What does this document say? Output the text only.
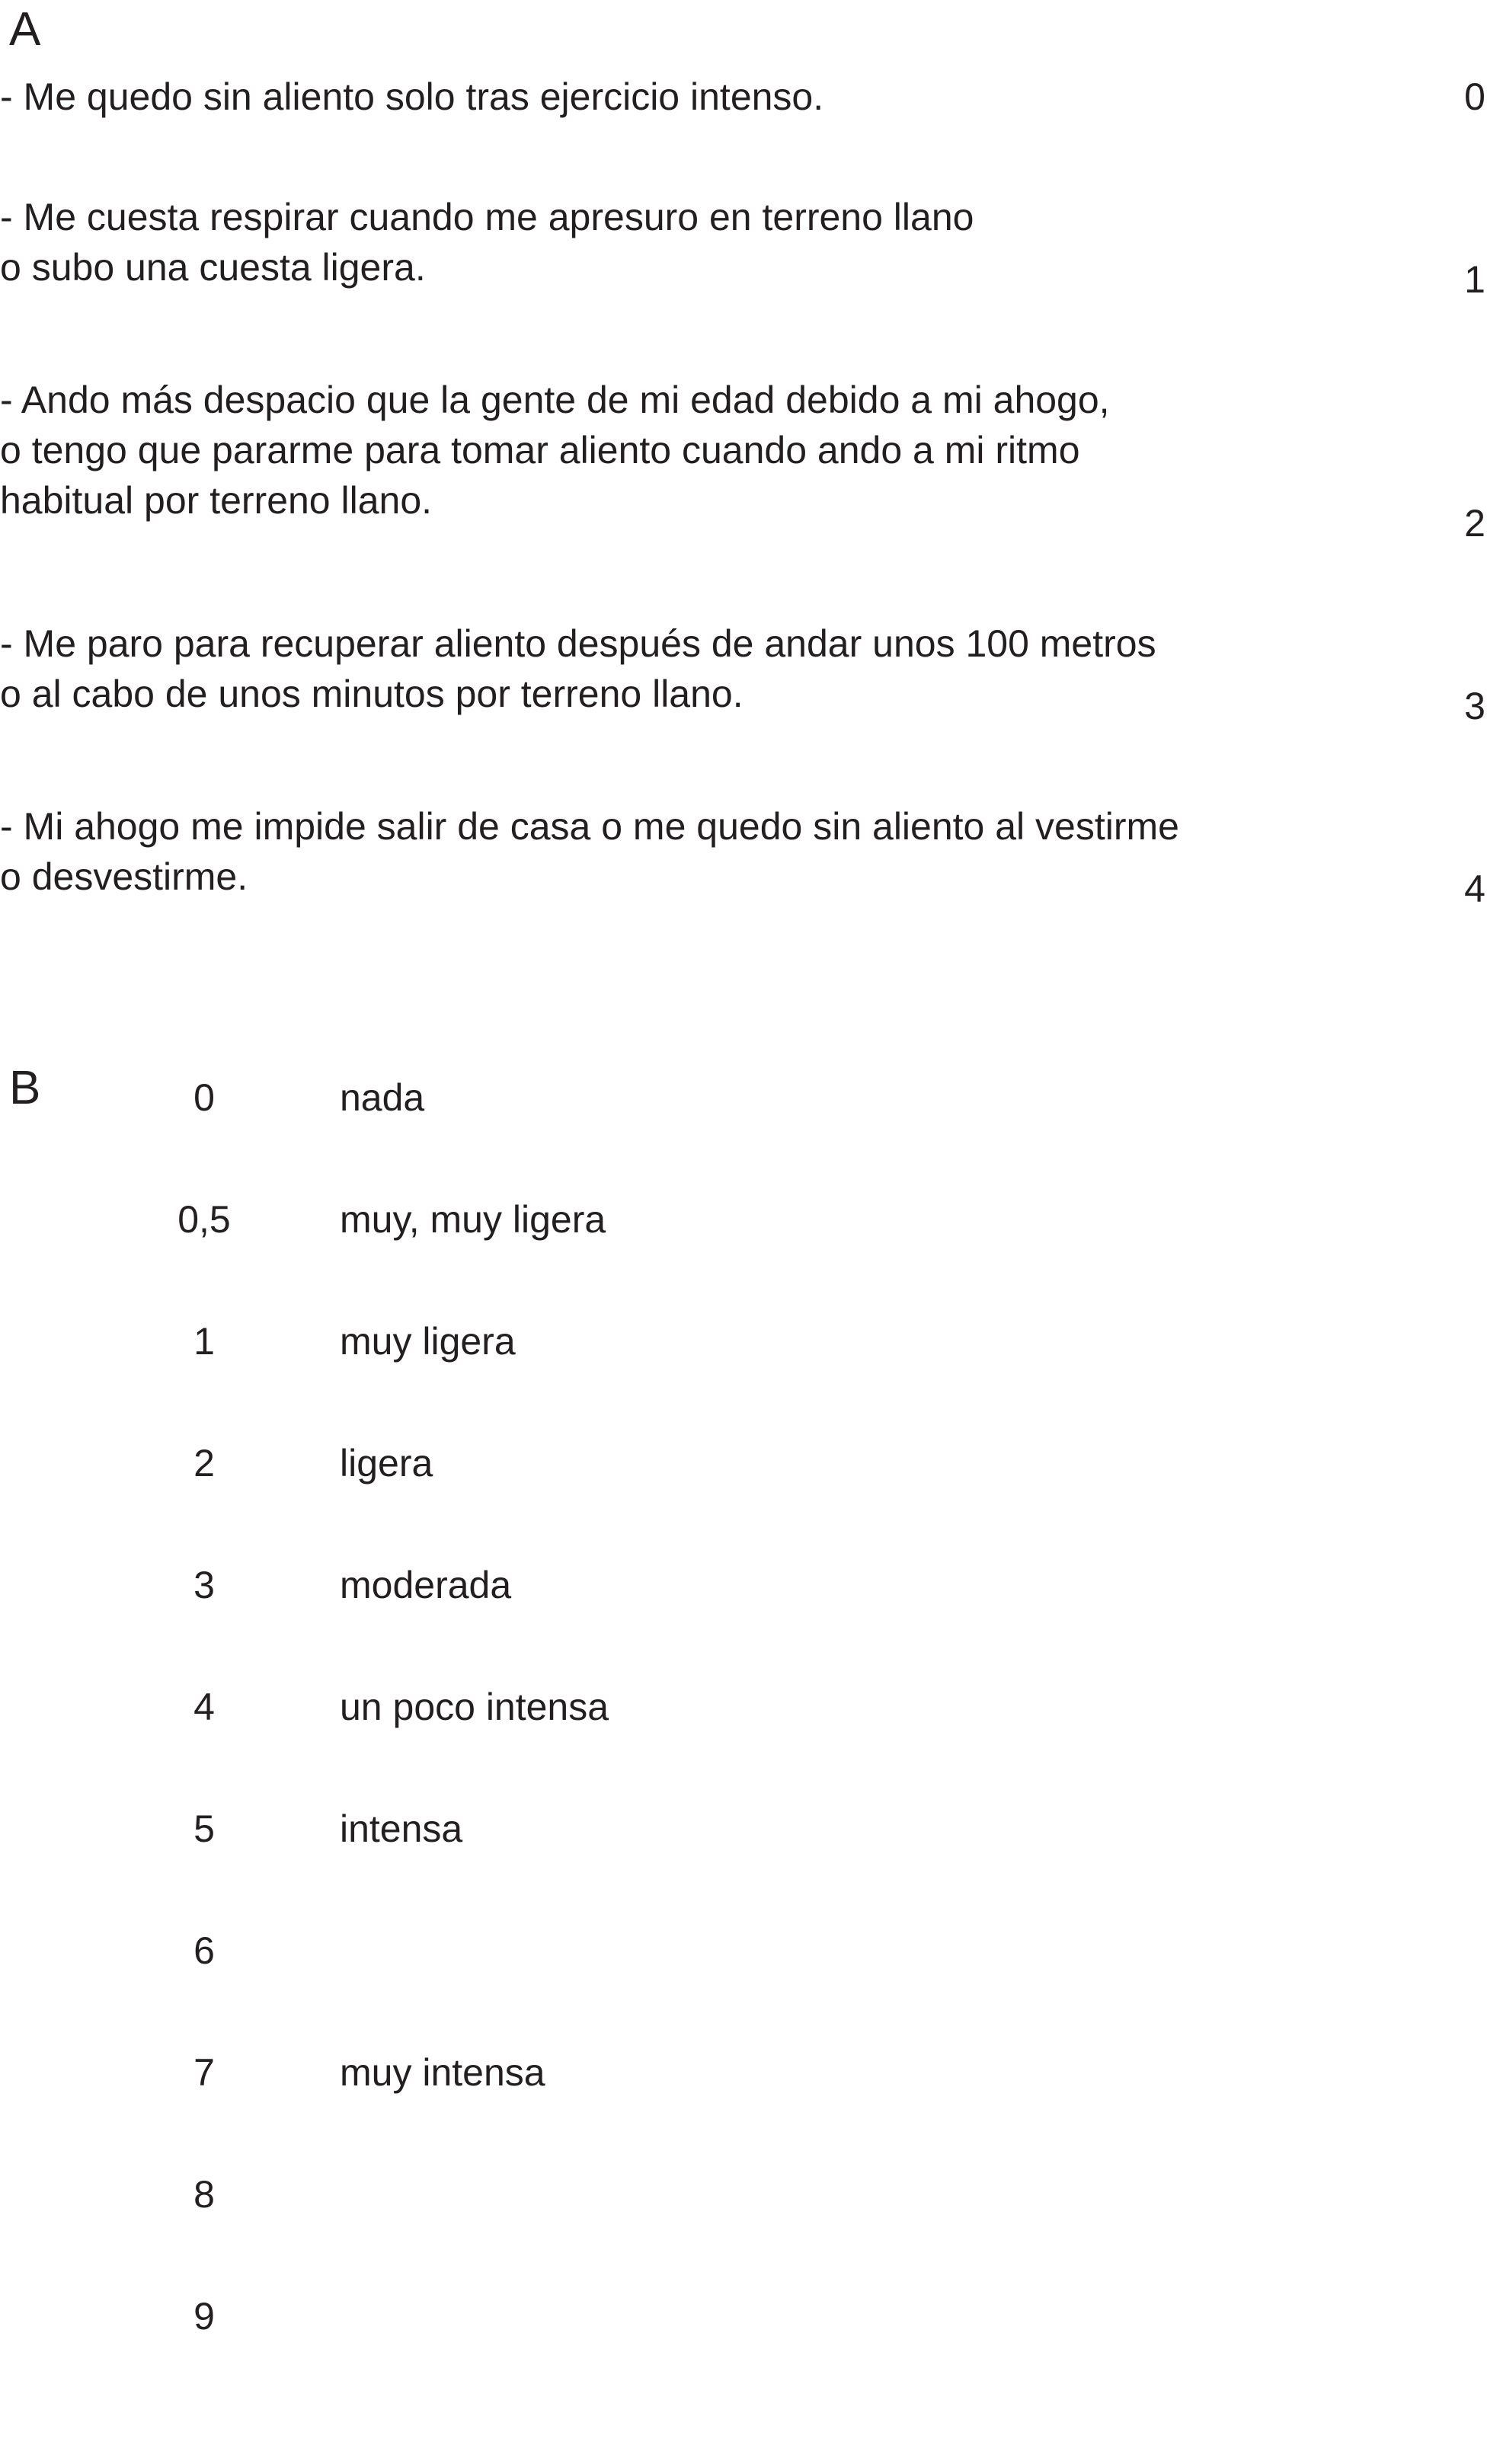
A
- Me quedo sin aliento solo tras ejercicio intenso.	0
- Me cuesta respirar cuando me apresuro en terreno llano
o subo una cuesta ligera.	1
- Ando más despacio que la gente de mi edad debido a mi ahogo,
o tengo que pararme para tomar aliento cuando ando a mi ritmo
habitual por terreno llano.
2
- Me paro para recuperar aliento después de andar unos 100 metros
o al cabo de unos minutos por terreno llano.	3
- Mi ahogo me impide salir de casa o me quedo sin aliento al vestirme
o desvestirme.	4
B	0	nada
0,5	muy, muy ligera
1	muy ligera
2	ligera
3	moderada
4	un poco intensa
5	intensa
6
7	muy intensa
8
9
